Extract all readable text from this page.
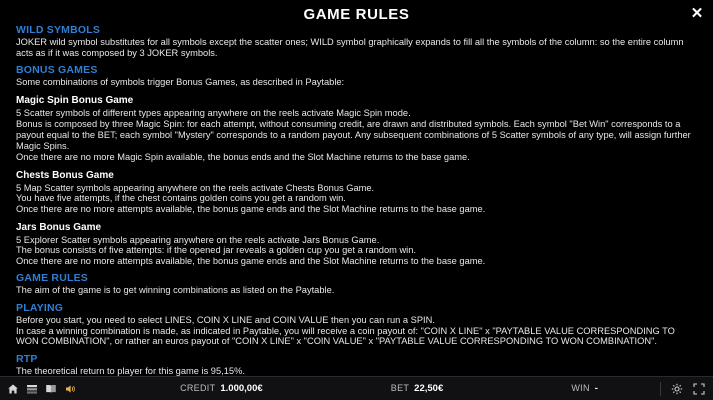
GAME RULES	✕
WILD SYMBOLS

JOKER wild symbol substitutes for all symbols except the scatter ones; WILD symbol graphically expands to fill all the symbols of the column: so the entire column acts as if it was composed by 3 JOKER symbols.

BONUS GAMES

Some combinations of symbols trigger Bonus Games, as described in Paytable:

Magic Spin Bonus Game

5 Scatter symbols of different types appearing anywhere on the reels activate Magic Spin mode.

Bonus is composed by three Magic Spin: for each attempt, without consuming credit, are drawn and distributed symbols. Each symbol "Bet Win" corresponds to a payout equal to the BET; each symbol "Mystery" corresponds to a random payout. Any subsequent combinations of 5 Scatter symbols of any type, will assign further Magic Spins.

Once there are no more Magic Spin available, the bonus ends and the Slot Machine returns to the base game.

Chests Bonus Game

5 Map Scatter symbols appearing anywhere on the reels activate Chests Bonus Game.

You have five attempts, if the chest contains golden coins you get a random win.

Once there are no more attempts available, the bonus game ends and the Slot Machine returns to the base game.

Jars Bonus Game

5 Explorer Scatter symbols appearing anywhere on the reels activate Jars Bonus Game.

The bonus consists of five attempts: if the opened jar reveals a golden cup you get a random win.

Once there are no more attempts available, the bonus game ends and the Slot Machine returns to the base game.

GAME RULES

The aim of the game is to get winning combinations as listed on the Paytable.

PLAYING

Before you start, you need to select LINES, COIN X LINE and COIN VALUE then you can run a SPIN.

In case a winning combination is made, as indicated in Paytable, you will receive a coin payout of: "COIN X LINE" x "PAYTABLE VALUE CORRESPONDING TO WON COMBINATION", or rather an euros payout of "COIN X LINE" x "COIN VALUE" x "PAYTABLE VALUE CORRESPONDING TO WON COMBINATION".

RTP

The theoretical return to player for this game is 95,15%.

CREDIT 1.000,00€	BET 22,50€	WIN -
